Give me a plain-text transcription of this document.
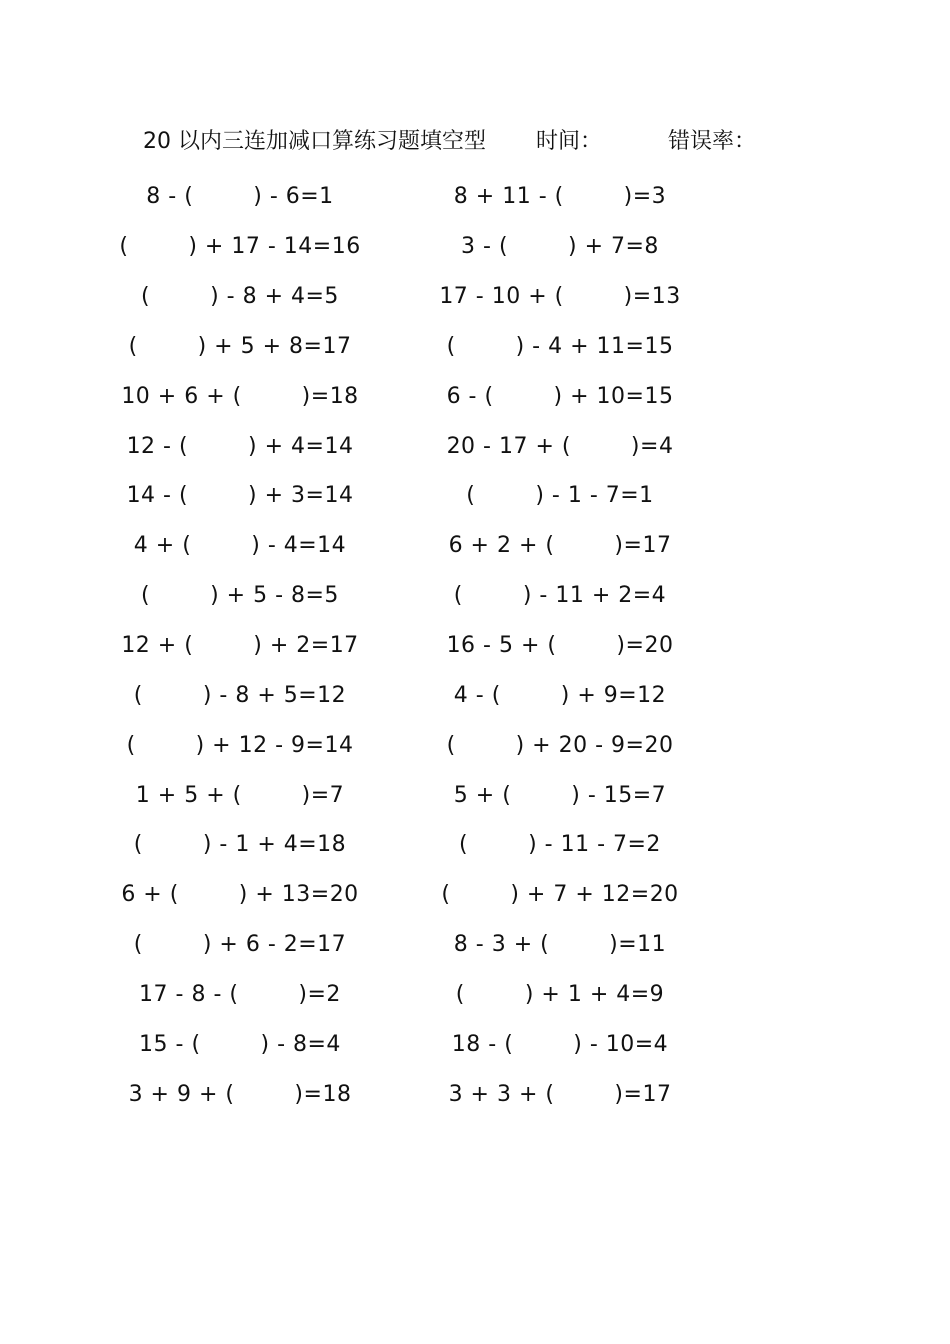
20 以内三连加减口算练习题填空型 时间：	错误率：
8 - (        ) - 6=1
(        ) + 17 - 14=16
(        ) - 8 + 4=5
(        ) + 5 + 8=17
10 + 6 + (        )=18
12 - (        ) + 4=14
14 - (        ) + 3=14
4 + (        ) - 4=14
(        ) + 5 - 8=5
12 + (        ) + 2=17
(        ) - 8 + 5=12
(        ) + 12 - 9=14
1 + 5 + (        )=7
(        ) - 1 + 4=18
6 + (        ) + 13=20
(        ) + 6 - 2=17
17 - 8 - (        )=2
15 - (        ) - 8=4
3 + 9 + (        )=18
8 + 11 - (        )=3
3 - (        ) + 7=8
17 - 10 + (        )=13
(        ) - 4 + 11=15
6 - (        ) + 10=15
20 - 17 + (        )=4
(        ) - 1 - 7=1
6 + 2 + (        )=17
(        ) - 11 + 2=4
16 - 5 + (        )=20
4 - (        ) + 9=12
(        ) + 20 - 9=20
5 + (        ) - 15=7
(        ) - 11 - 7=2
(        ) + 7 + 12=20
8 - 3 + (        )=11
(        ) + 1 + 4=9
18 - (        ) - 10=4
3 + 3 + (        )=17
